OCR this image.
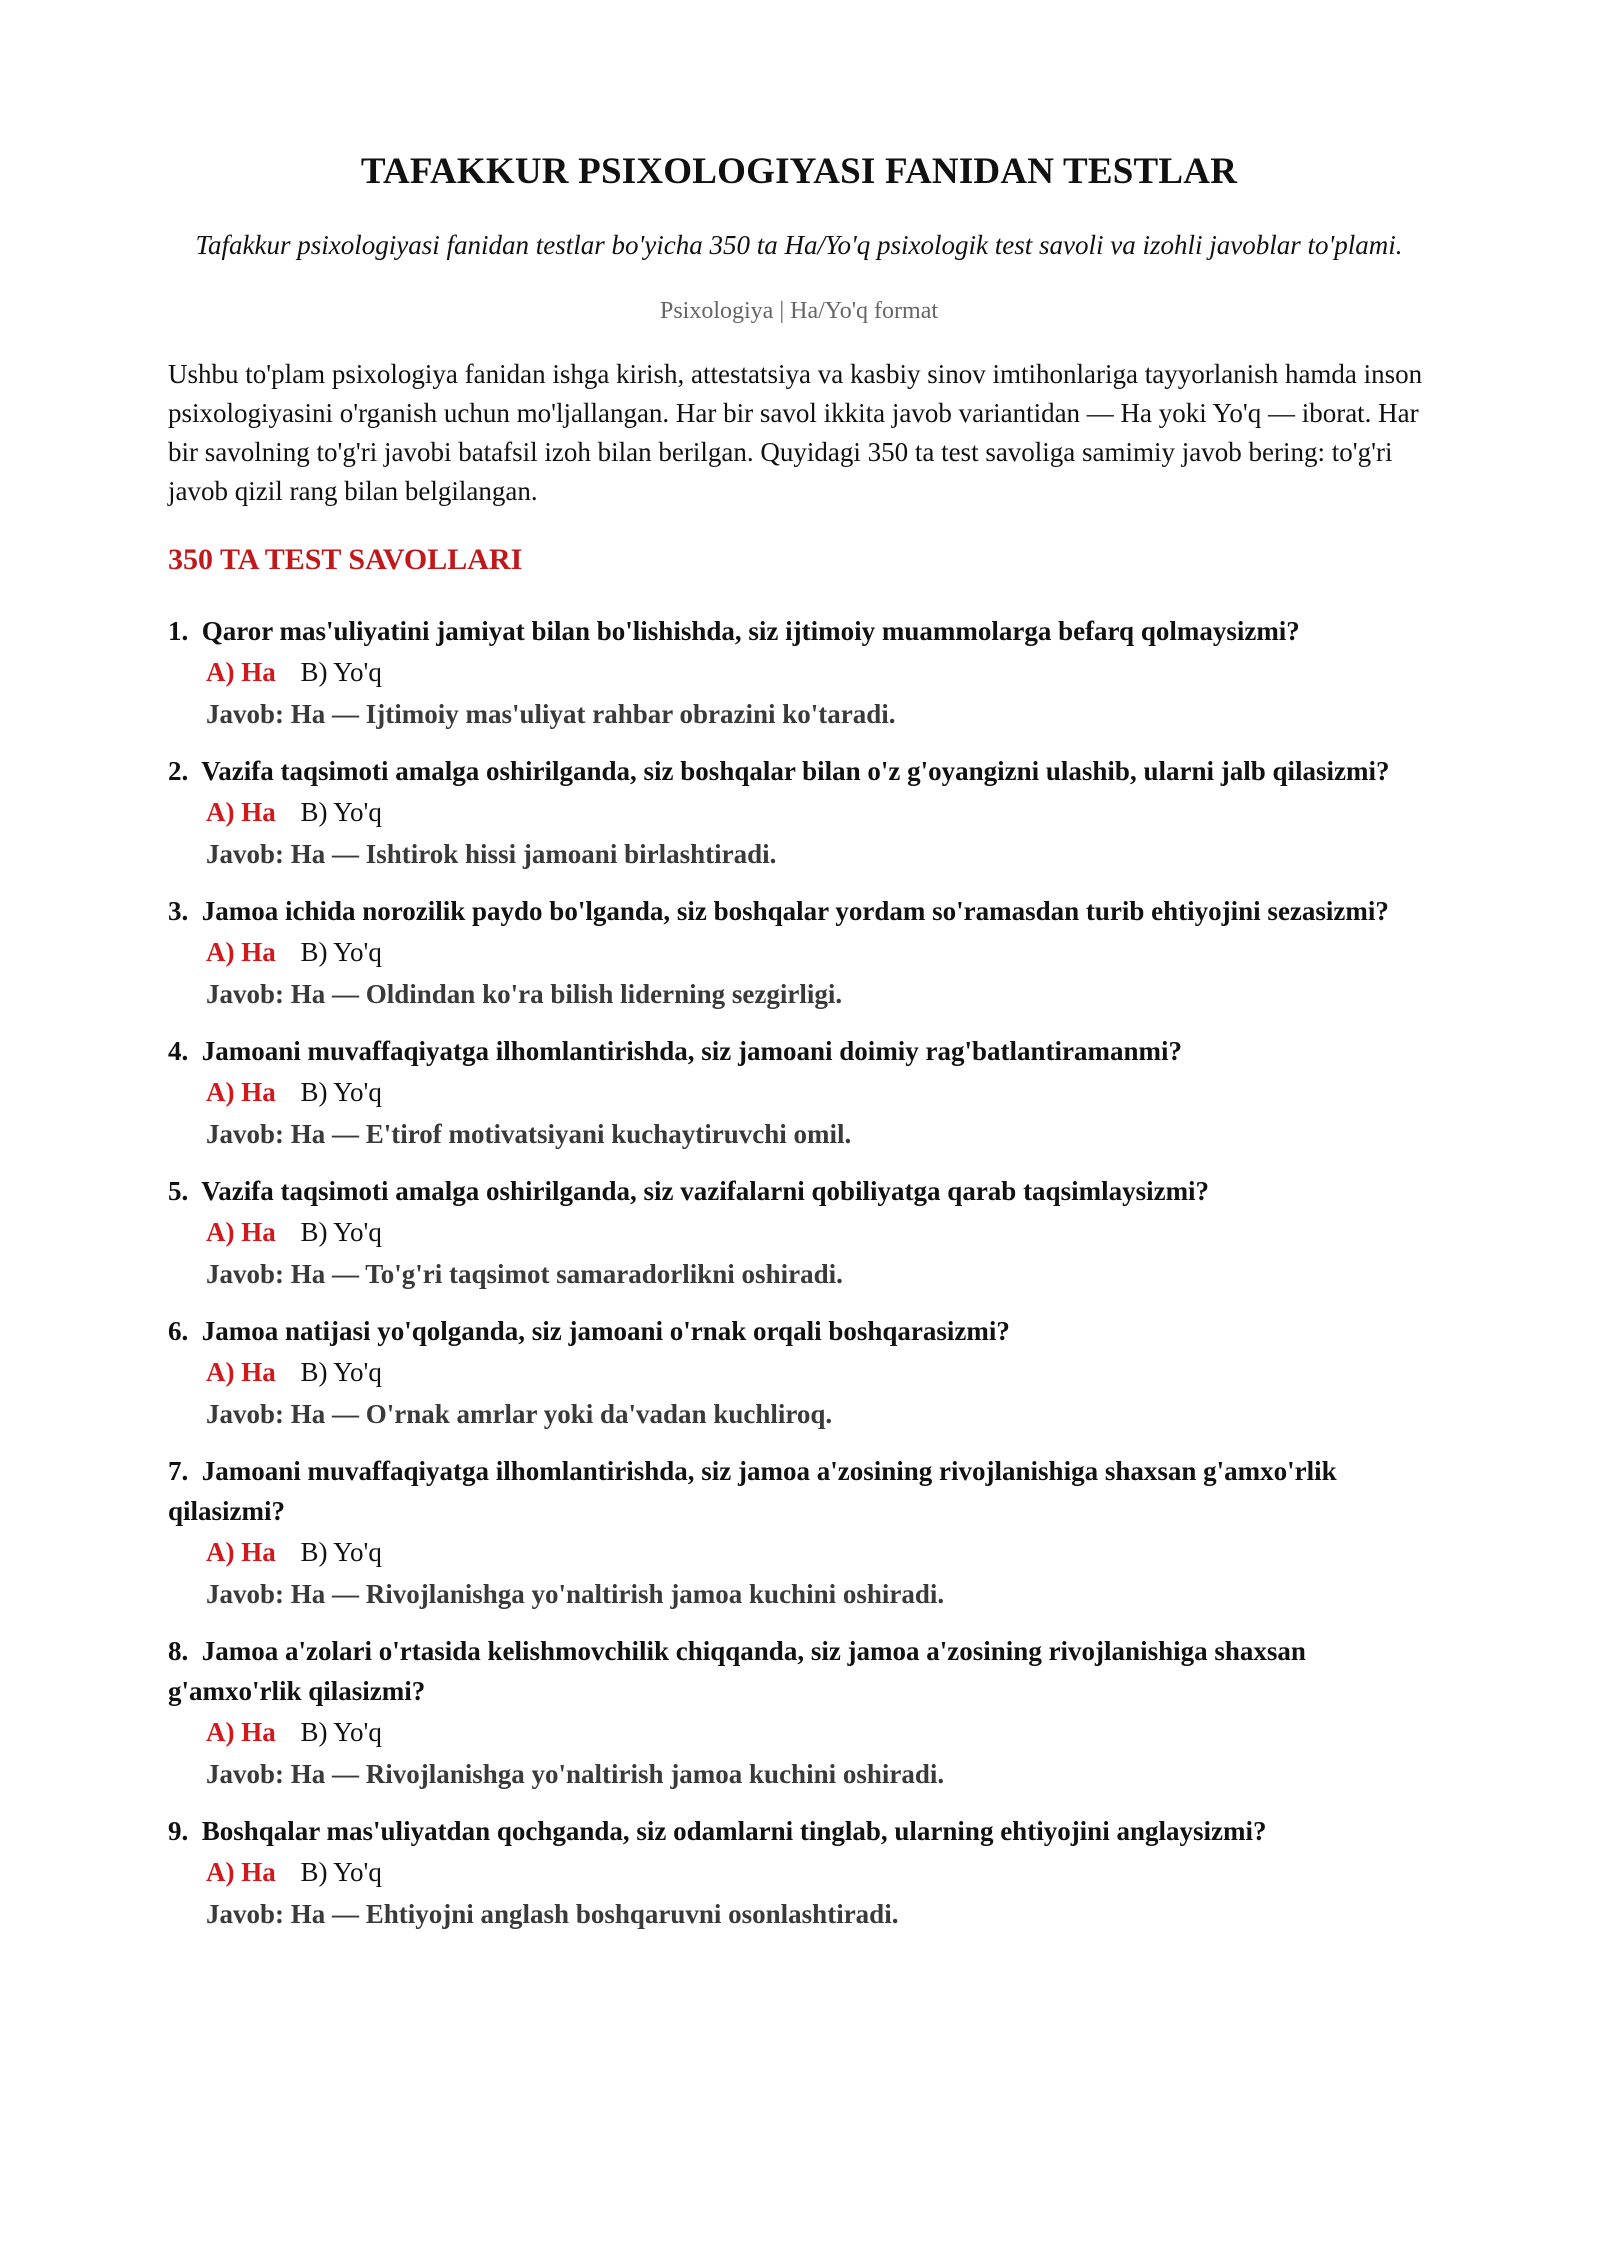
TAFAKKUR PSIXOLOGIYASI FANIDAN TESTLAR

Tafakkur psixologiyasi fanidan testlar bo'yicha 350 ta Ha/Yo'q psixologik test savoli va izohli javoblar to'plami.

Psixologiya | Ha/Yo'q format

Ushbu to'plam psixologiya fanidan ishga kirish, attestatsiya va kasbiy sinov imtihonlariga tayyorlanish hamda inson psixologiyasini o'rganish uchun mo'ljallangan. Har bir savol ikkita javob variantidan — Ha yoki Yo'q — iborat. Har bir savolning to'g'ri javobi batafsil izoh bilan berilgan. Quyidagi 350 ta test savoliga samimiy javob bering: to'g'ri javob qizil rang bilan belgilangan.

350 TA TEST SAVOLLARI
1. Qaror mas'uliyatini jamiyat bilan bo'lishishda, siz ijtimoiy muammolarga befarq qolmaysizmi?
A) Ha B) Yo'q
Javob: Ha — Ijtimoiy mas'uliyat rahbar obrazini ko'taradi.
2. Vazifa taqsimoti amalga oshirilganda, siz boshqalar bilan o'z g'oyangizni ulashib, ularni jalb qilasizmi?
A) Ha B) Yo'q
Javob: Ha — Ishtirok hissi jamoani birlashtiradi.
3. Jamoa ichida norozilik paydo bo'lganda, siz boshqalar yordam so'ramasdan turib ehtiyojini sezasizmi?
A) Ha B) Yo'q
Javob: Ha — Oldindan ko'ra bilish liderning sezgirligi.
4. Jamoani muvaffaqiyatga ilhomlantirishda, siz jamoani doimiy rag'batlantiramanmi?
A) Ha B) Yo'q
Javob: Ha — E'tirof motivatsiyani kuchaytiruvchi omil.
5. Vazifa taqsimoti amalga oshirilganda, siz vazifalarni qobiliyatga qarab taqsimlaysizmi?
A) Ha B) Yo'q
Javob: Ha — To'g'ri taqsimot samaradorlikni oshiradi.
6. Jamoa natijasi yo'qolganda, siz jamoani o'rnak orqali boshqarasizmi?
A) Ha B) Yo'q
Javob: Ha — O'rnak amrlar yoki da'vadan kuchliroq.
7. Jamoani muvaffaqiyatga ilhomlantirishda, siz jamoa a'zosining rivojlanishiga shaxsan g'amxo'rlik qilasizmi?
A) Ha B) Yo'q
Javob: Ha — Rivojlanishga yo'naltirish jamoa kuchini oshiradi.
8. Jamoa a'zolari o'rtasida kelishmovchilik chiqqanda, siz jamoa a'zosining rivojlanishiga shaxsan g'amxo'rlik qilasizmi?
A) Ha B) Yo'q
Javob: Ha — Rivojlanishga yo'naltirish jamoa kuchini oshiradi.
9. Boshqalar mas'uliyatdan qochganda, siz odamlarni tinglab, ularning ehtiyojini anglaysizmi?
A) Ha B) Yo'q
Javob: Ha — Ehtiyojni anglash boshqaruvni osonlashtiradi.
